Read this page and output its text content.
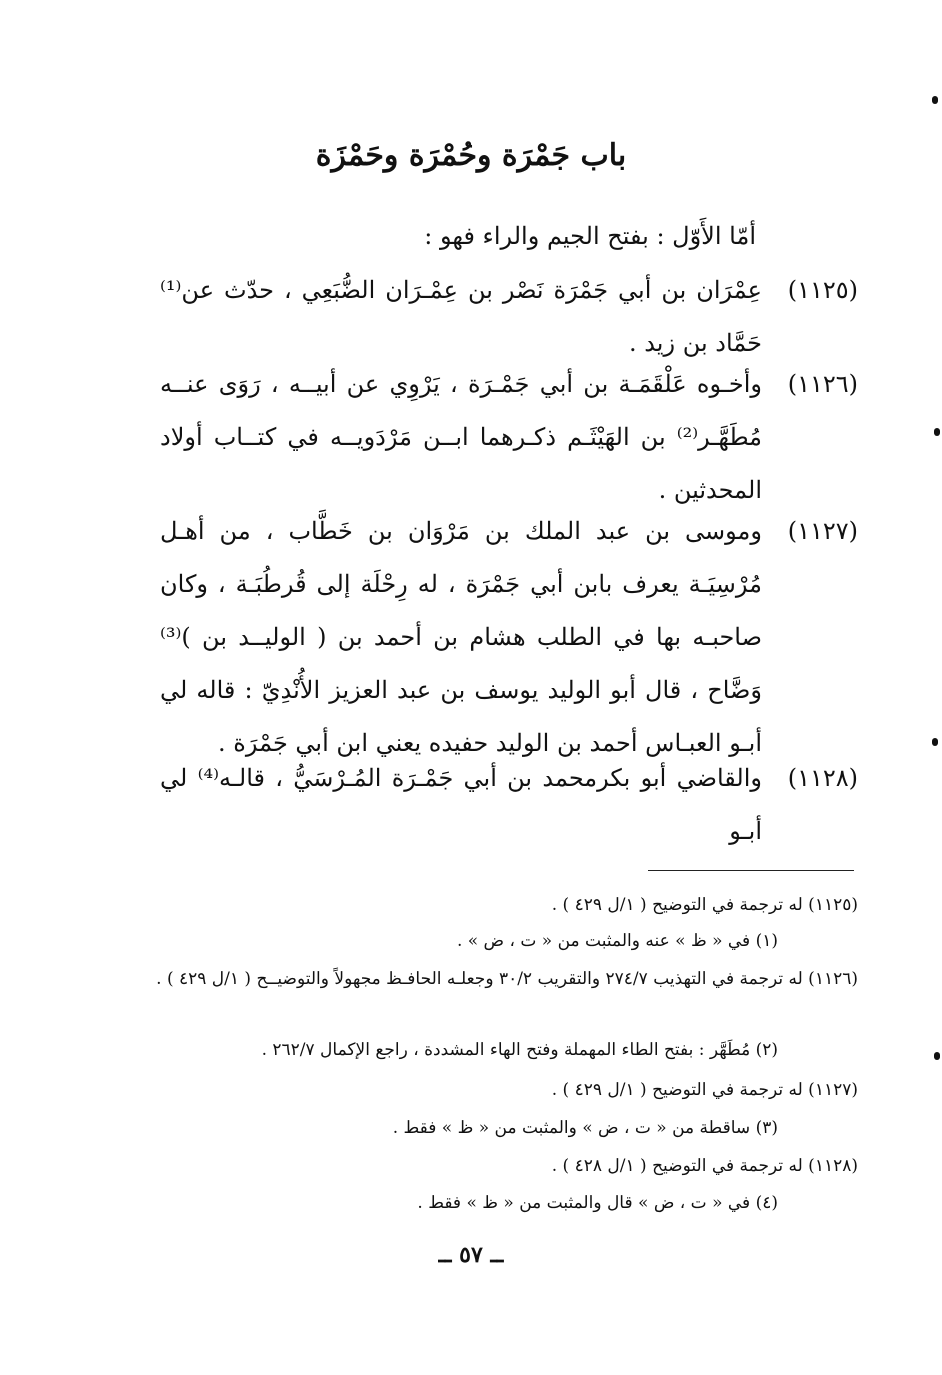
باب جَمْرَة وحُمْرَة وحَمْزَة
أمّا الأَوّل : بفتح الجيم والراء فهو :
(١١٢٥)
عِمْرَان بن أبي جَمْرَة نَصْر بن عِمْـرَان الضُّبَعِي ، حدّث عن⁽¹⁾ حَمَّاد بن زيد .
(١١٢٦)
وأخـوه عَلْقَمَـة بن أبي جَمْـرَة ، يَرْوِي عن أبيــه ، رَوَى عنــه مُطَهَّـر⁽²⁾ بن الهَيْثَـم ذكـرهما ابــن مَرْدَويــه في كتــاب أولاد المحدثين .
(١١٢٧)
وموسى بن عبد الملك بن مَرْوَان بن خَطَّاب ، من أهـل مُرْسِيَـة يعرف بابن أبي جَمْرَة ، له رِحْلَة إلى قُرطُبَـة ، وكان صاحبـه بها في الطلب هشام بن أحمد بن ( الوليــد بن )⁽³⁾ وَضَّاح ، قال أبو الوليد يوسف بن عبد العزيز الأُنْدِيّ : قاله لي أبـو العبـاس أحمد بن الوليد حفيده يعني ابن أبي جَمْرَة .
(١١٢٨)
والقاضي أبو بكرمحمد بن أبي جَمْـرَة المُـرْسَيُّ ، قالـه⁽⁴⁾ لي أبـو
(١١٢٥) له ترجمة في التوضيح ( ١/ل ٤٢٩ ) .
(١) في « ظ » عنه والمثبت من « ت ، ض » .
(١١٢٦) له ترجمة في التهذيب ٢٧٤/٧ والتقريب ٣٠/٢ وجعلـه الحافـظ مجهولاً والتوضيــح ( ١/ل ٤٢٩ ) .
(٢) مُطَهَّر : بفتح الطاء المهملة وفتح الهاء المشددة ، راجع الإكمال ٢٦٢/٧ .
(١١٢٧) له ترجمة في التوضيح ( ١/ل ٤٢٩ ) .
(٣) ساقطة من « ت ، ض » والمثبت من « ظ » فقط .
(١١٢٨) له ترجمة في التوضيح ( ١/ل ٤٢٨ ) .
(٤) في « ت ، ض » قال والمثبت من « ظ » فقط .
ــ ٥٧ ــ
